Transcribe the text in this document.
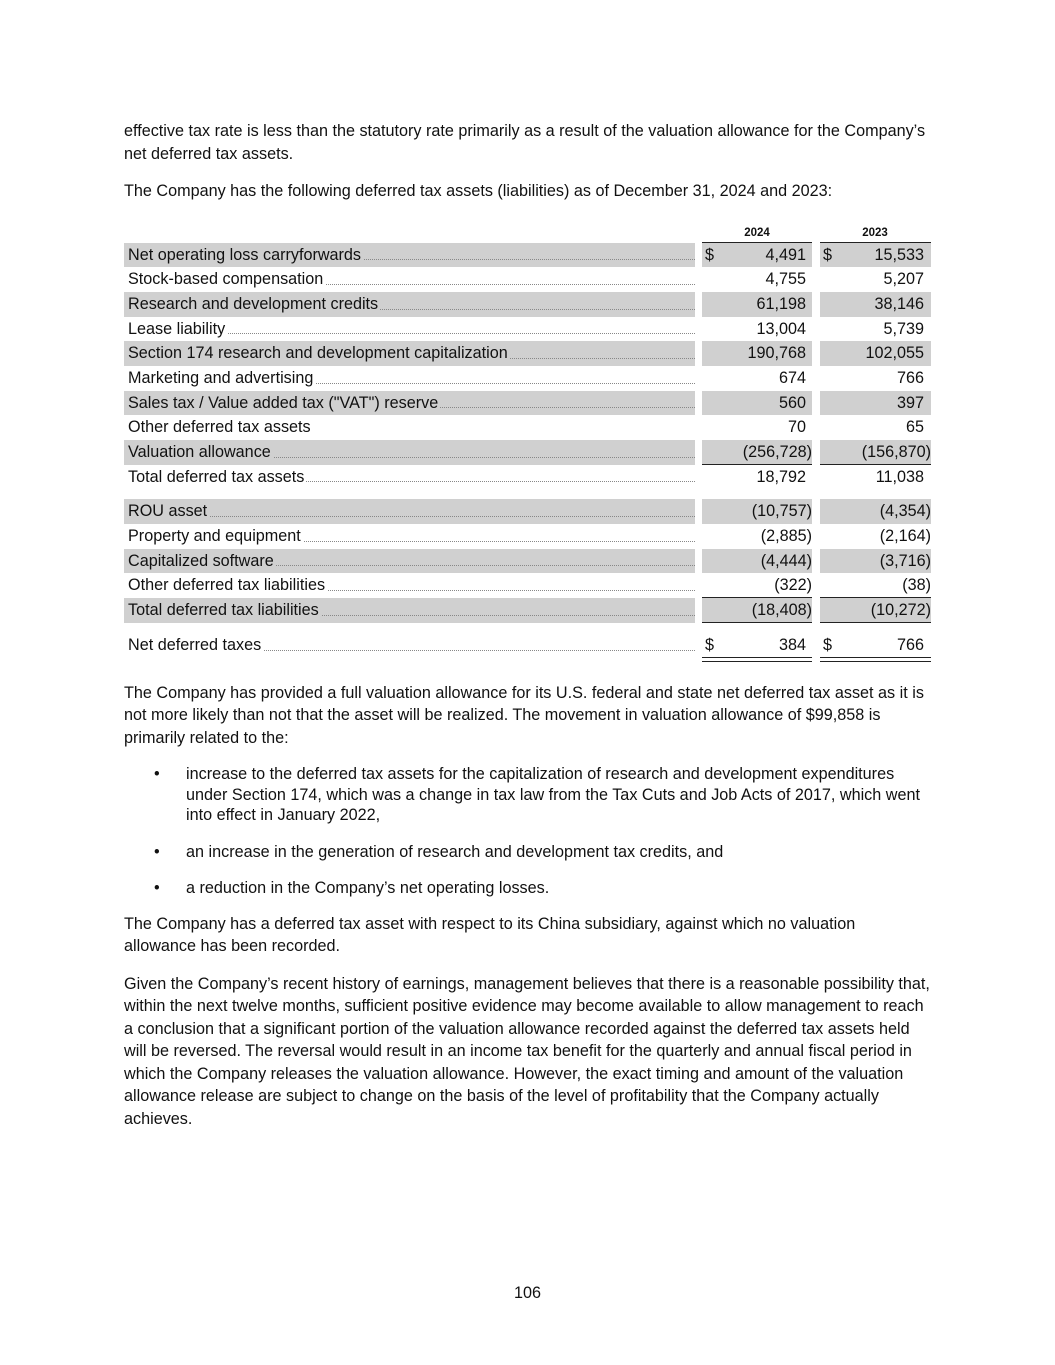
effective tax rate is less than the statutory rate primarily as a result of the valuation allowance for the Company’s net deferred tax assets.

The Company has the following deferred tax assets (liabilities) as of December 31, 2024 and 2023:

2024	2023
Net operating loss carryforwards	$	4,491 $	15,533
Stock-based compensation	4,755	5,207
Research and development credits	61,198	38,146
Lease liability	13,004	5,739
Section 174 research and development capitalization	190,768	102,055
Marketing and advertising	674	766
Sales tax / Value added tax ("VAT") reserve	560	397
Other deferred tax assets	70	65
Valuation allowance	(256,728)	(156,870)
Total deferred tax assets	18,792	11,038
ROU asset	(10,757)	(4,354)
Property and equipment	(2,885)	(2,164)
Capitalized software	(4,444)	(3,716)
Other deferred tax liabilities	(322)	(38)
Total deferred tax liabilities	(18,408)	(10,272)
Net deferred taxes	$	384 $	766

The Company has provided a full valuation allowance for its U.S. federal and state net deferred tax asset as it is not more likely than not that the asset will be realized. The movement in valuation allowance of $99,858 is primarily related to the:

• increase to the deferred tax assets for the capitalization of research and development expenditures under Section 174, which was a change in tax law from the Tax Cuts and Job Acts of 2017, which went into effect in January 2022,
• an increase in the generation of research and development tax credits, and
• a reduction in the Company’s net operating losses.

The Company has a deferred tax asset with respect to its China subsidiary, against which no valuation allowance has been recorded.

Given the Company’s recent history of earnings, management believes that there is a reasonable possibility that, within the next twelve months, sufficient positive evidence may become available to allow management to reach a conclusion that a significant portion of the valuation allowance recorded against the deferred tax assets held will be reversed. The reversal would result in an income tax benefit for the quarterly and annual fiscal period in which the Company releases the valuation allowance. However, the exact timing and amount of the valuation allowance release are subject to change on the basis of the level of profitability that the Company actually achieves.

106
